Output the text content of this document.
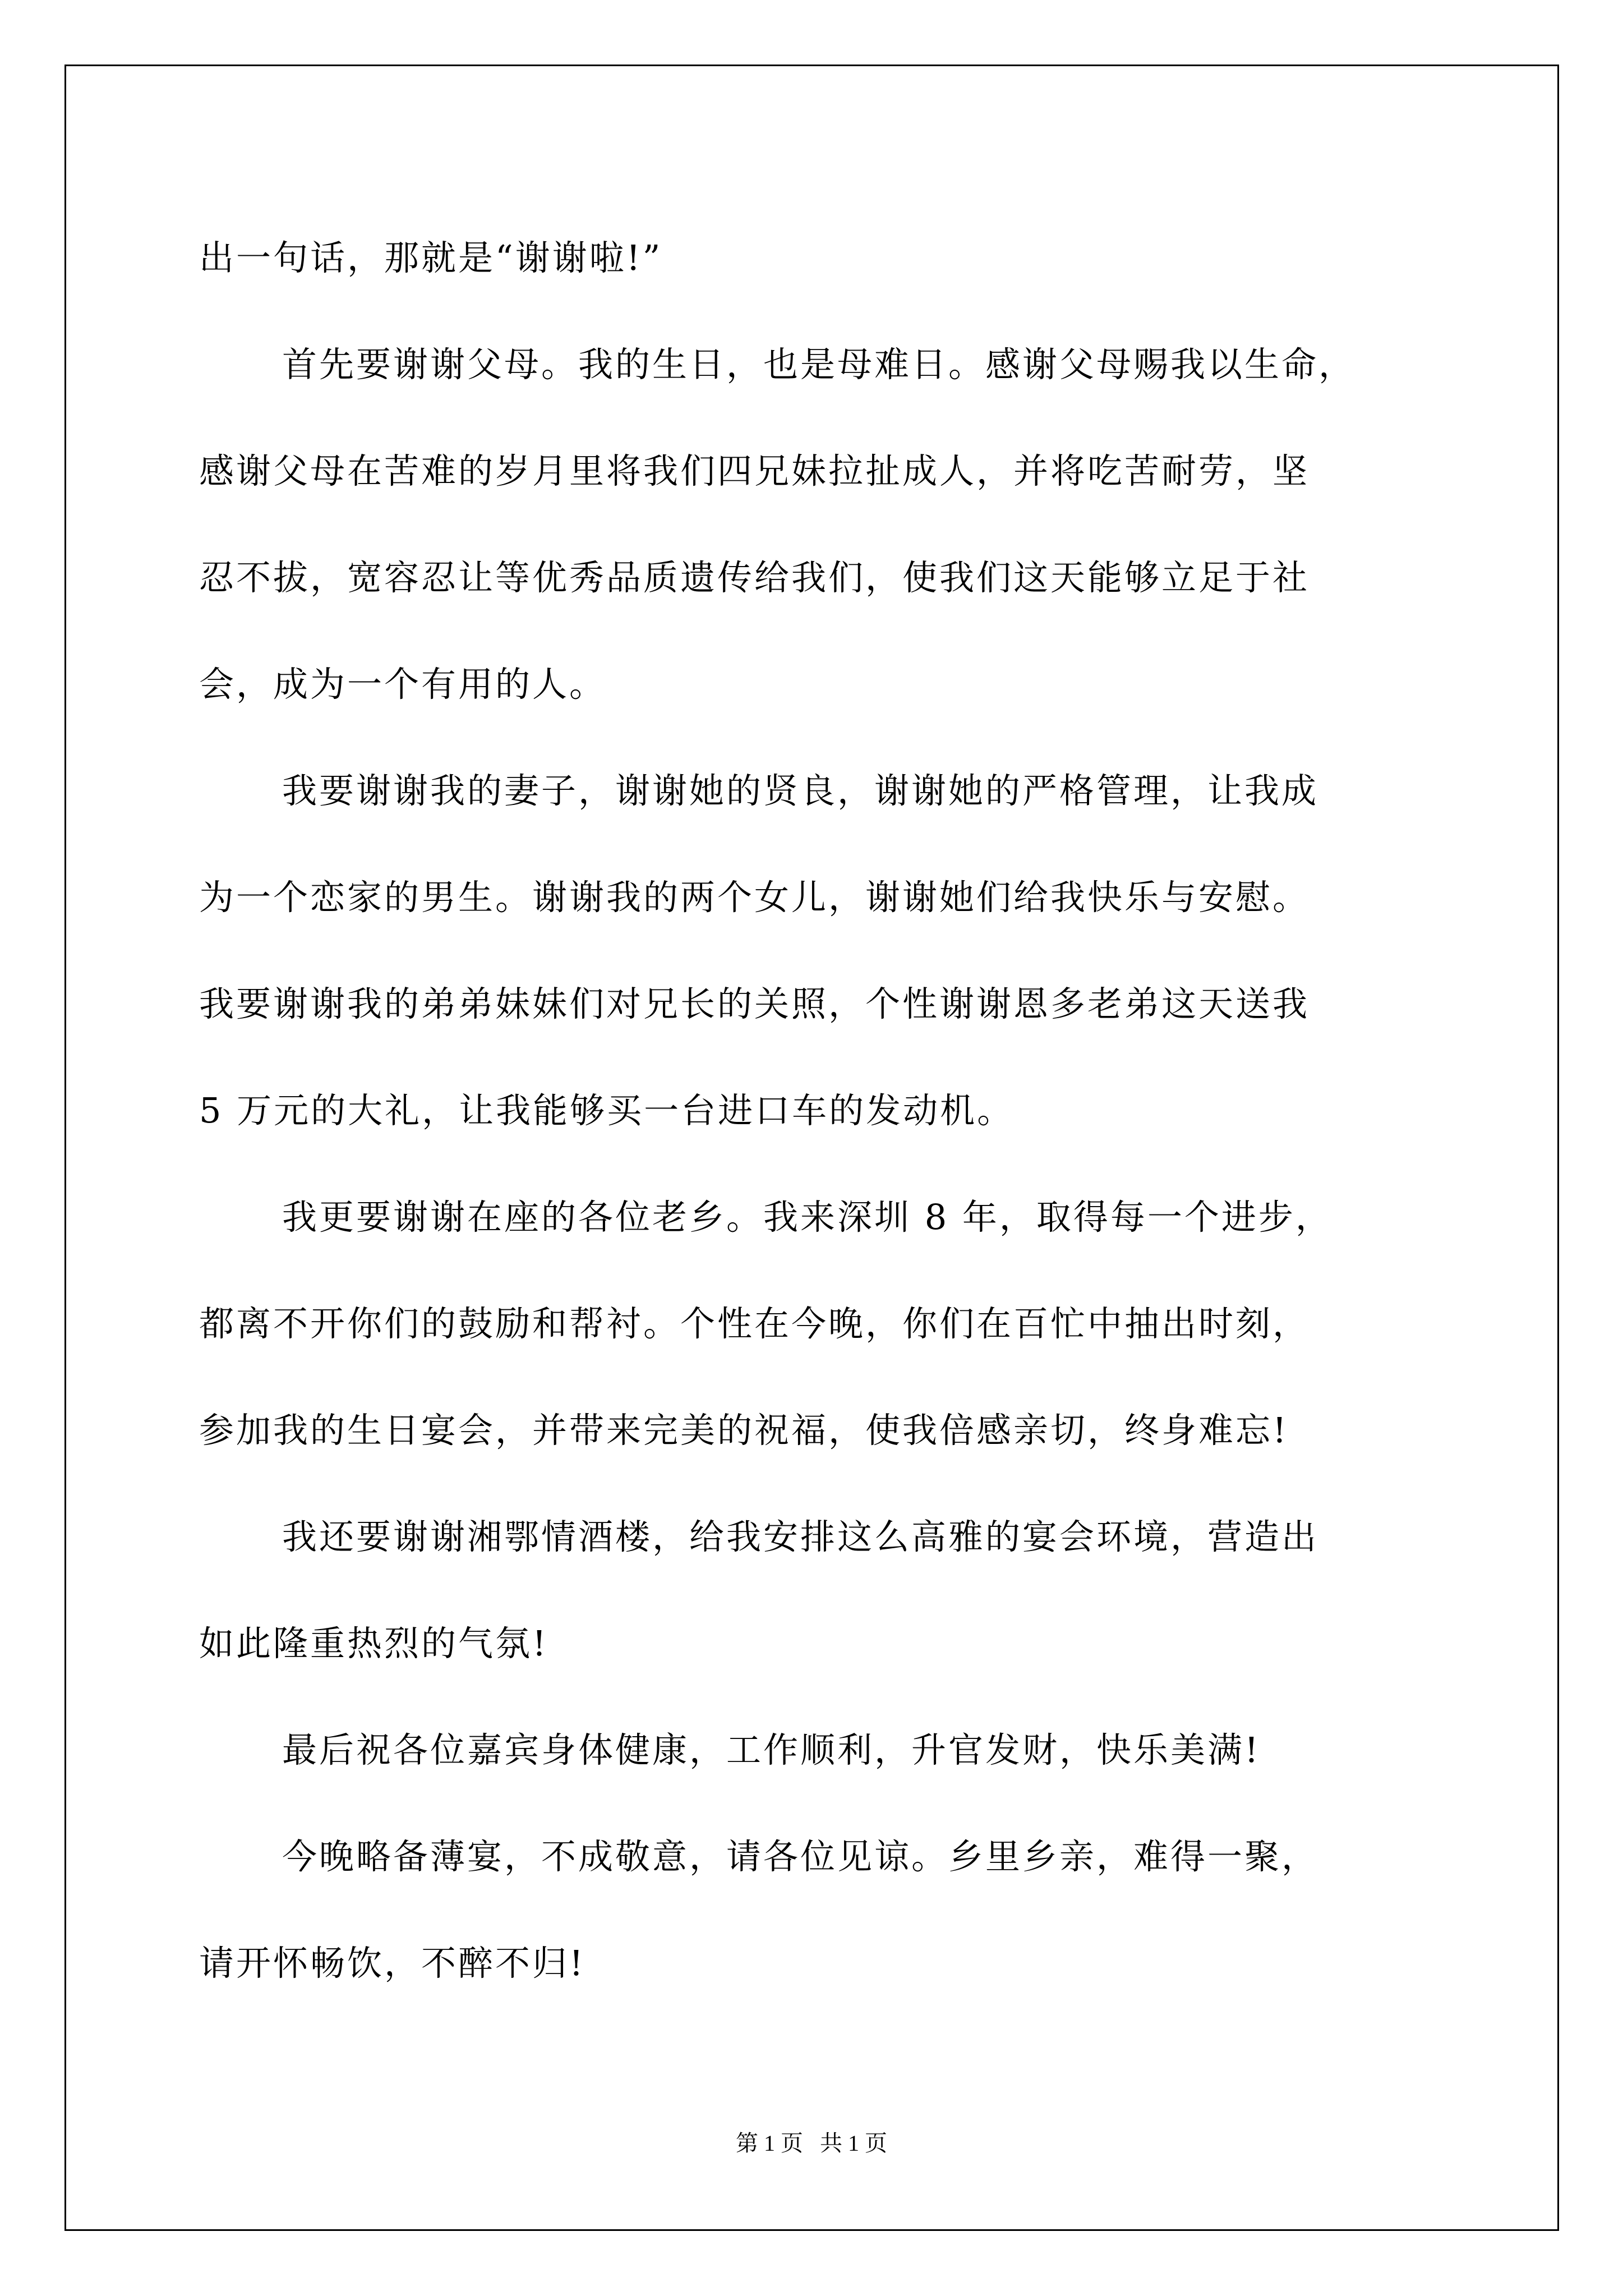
出一句话，那就是“谢谢啦!”
首先要谢谢父母。我的生日，也是母难日。感谢父母赐我以生命，
感谢父母在苦难的岁月里将我们四兄妹拉扯成人，并将吃苦耐劳，坚
忍不拔，宽容忍让等优秀品质遗传给我们，使我们这天能够立足于社
会，成为一个有用的人。
我要谢谢我的妻子，谢谢她的贤良，谢谢她的严格管理，让我成
为一个恋家的男生。谢谢我的两个女儿，谢谢她们给我快乐与安慰。
我要谢谢我的弟弟妹妹们对兄长的关照，个性谢谢恩多老弟这天送我
5 万元的大礼，让我能够买一台进口车的发动机。
我更要谢谢在座的各位老乡。我来深圳 8 年，取得每一个进步，
都离不开你们的鼓励和帮衬。个性在今晚，你们在百忙中抽出时刻，
参加我的生日宴会，并带来完美的祝福，使我倍感亲切，终身难忘!
我还要谢谢湘鄂情酒楼，给我安排这么高雅的宴会环境，营造出
如此隆重热烈的气氛!
最后祝各位嘉宾身体健康，工作顺利，升官发财，快乐美满!
今晚略备薄宴，不成敬意，请各位见谅。乡里乡亲，难得一聚，
请开怀畅饮，不醉不归!
第 1 页   共 1 页
